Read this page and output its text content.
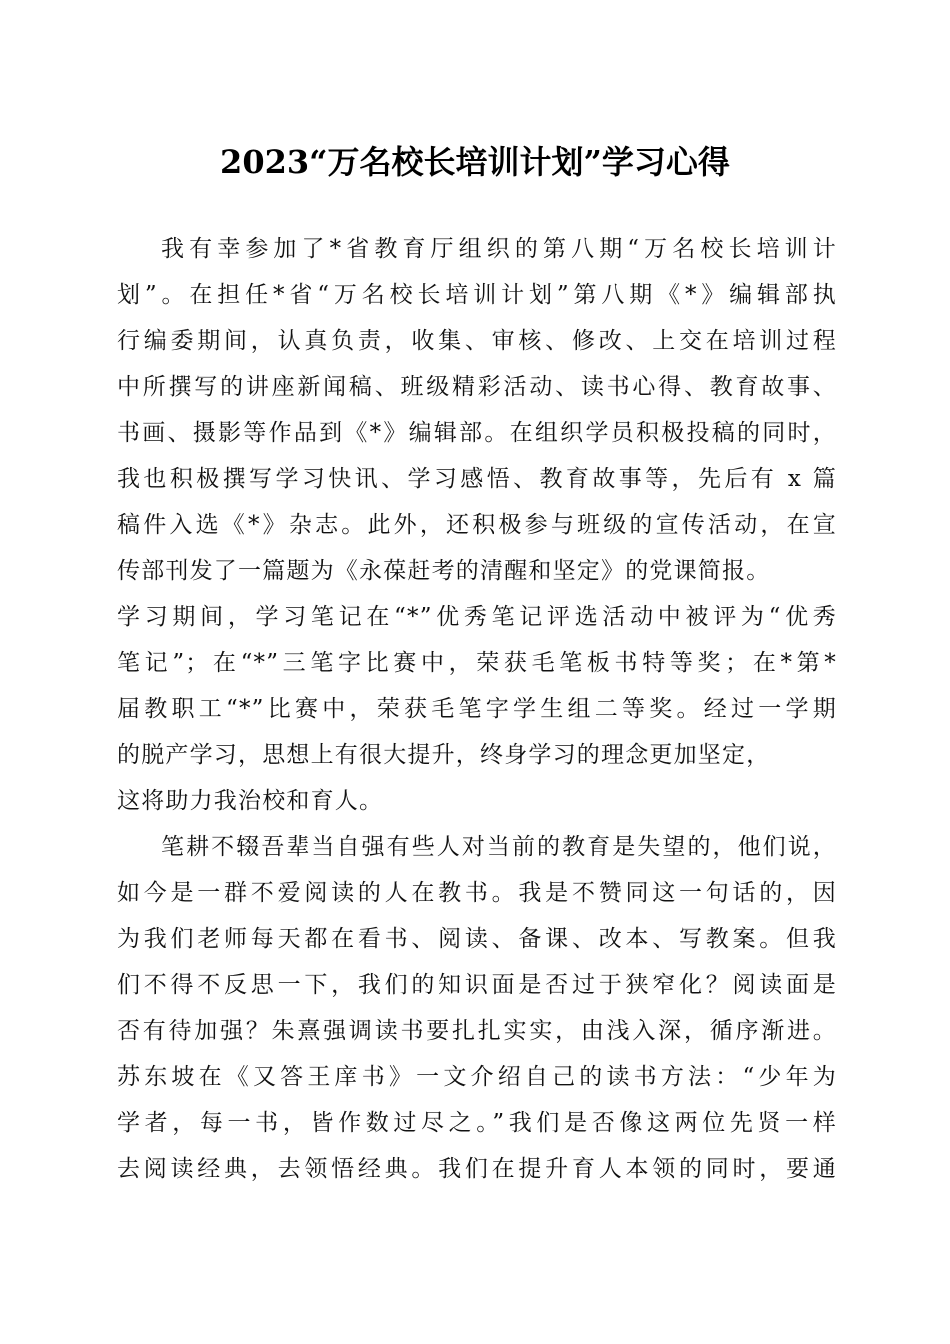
2023“万名校长培训计划”学习心得
我有幸参加了*省教育厅组织的第八期“万名校长培训计
划”。在担任*省“万名校长培训计划”第八期《*》编辑部执
行编委期间，认真负责，收集、审核、修改、上交在培训过程
中所撰写的讲座新闻稿、班级精彩活动、读书心得、教育故事、
书画、摄影等作品到《*》编辑部。在组织学员积极投稿的同时，
我也积极撰写学习快讯、学习感悟、教育故事等，先后有 x 篇
稿件入选《*》杂志。此外，还积极参与班级的宣传活动，在宣
传部刊发了一篇题为《永葆赶考的清醒和坚定》的党课简报。
学习期间，学习笔记在“*”优秀笔记评选活动中被评为“优秀
笔记”；在“*”三笔字比赛中，荣获毛笔板书特等奖；在*第*
届教职工“*”比赛中，荣获毛笔字学生组二等奖。经过一学期
的脱产学习，思想上有很大提升，终身学习的理念更加坚定，
这将助力我治校和育人。
笔耕不辍吾辈当自强有些人对当前的教育是失望的，他们说，
如今是一群不爱阅读的人在教书。我是不赞同这一句话的，因
为我们老师每天都在看书、阅读、备课、改本、写教案。但我
们不得不反思一下，我们的知识面是否过于狭窄化？阅读面是
否有待加强？朱熹强调读书要扎扎实实，由浅入深，循序渐进。
苏东坡在《又答王庠书》一文介绍自己的读书方法：“少年为
学者，每一书，皆作数过尽之。”我们是否像这两位先贤一样
去阅读经典，去领悟经典。我们在提升育人本领的同时，要通
